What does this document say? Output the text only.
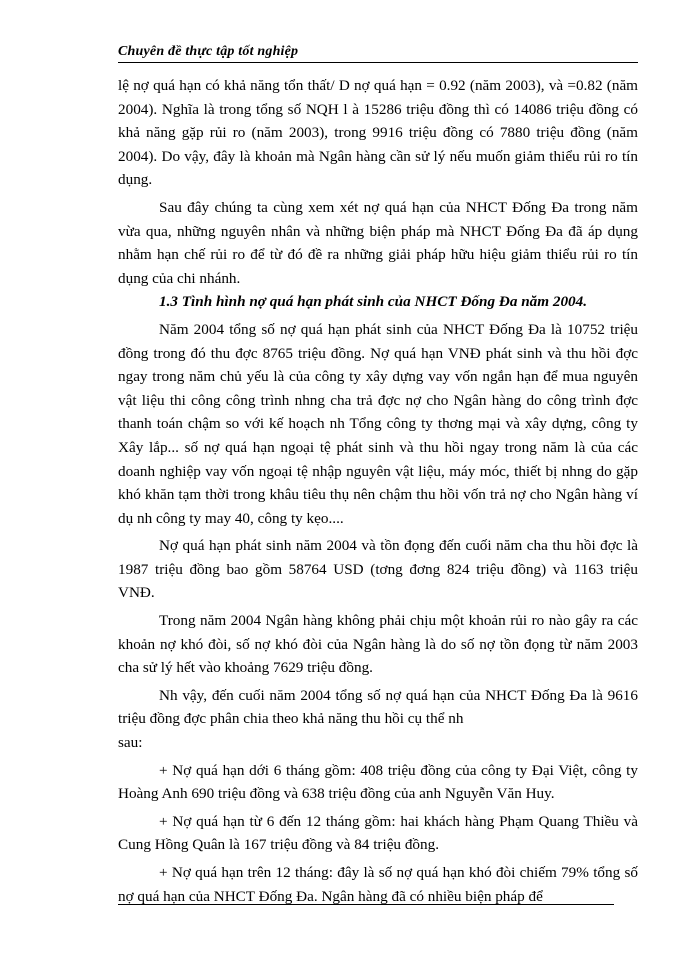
Chuyên đề thực tập tốt nghiệp

lệ nợ quá hạn có khả năng tổn thất/ D nợ quá hạn = 0.92 (năm 2003), và =0.82 (năm 2004). Nghĩa là trong tổng số NQH l à 15286 triệu đồng thì có 14086 triệu đồng có khả năng gặp rủi ro (năm 2003), trong 9916 triệu đồng có 7880 triệu đồng (năm 2004). Do vậy, đây là khoản mà Ngân hàng cần sử lý nếu muốn giảm thiểu rủi ro tín dụng.

Sau đây chúng ta cùng xem xét nợ quá hạn của NHCT Đống Đa trong năm vừa qua, những nguyên nhân và những biện pháp mà NHCT Đống Đa đã áp dụng nhằm hạn chế rủi ro để từ đó đề ra những giải pháp hữu hiệu giảm thiểu rủi ro tín dụng của chi nhánh.

1.3 Tình hình nợ quá hạn phát sinh của NHCT Đống Đa năm 2004.

Năm 2004 tổng số nợ quá hạn phát sinh của NHCT Đống Đa là 10752 triệu đồng trong đó thu đợc 8765 triệu đồng. Nợ quá hạn VNĐ phát sinh và thu hồi đợc ngay trong năm chủ yếu là của công ty xây dựng vay vốn ngắn hạn để mua nguyên vật liệu thi công công trình nhng cha trả đợc nợ cho Ngân hàng do công trình đợc thanh toán chậm so với kế hoạch nh Tổng công ty thơng mại và xây dựng, công ty Xây lắp... số nợ quá hạn ngoại tệ phát sinh và thu hồi ngay trong năm là của các doanh nghiệp vay vốn ngoại tệ nhập nguyên vật liệu, máy móc, thiết bị nhng do gặp khó khăn tạm thời trong khâu tiêu thụ nên chậm thu hồi vốn trả nợ cho Ngân hàng ví dụ nh công ty may 40, công ty kẹo....

Nợ quá hạn phát sinh năm 2004 và tồn đọng đến cuối năm cha thu hồi đợc là 1987 triệu đồng bao gồm 58764 USD (tơng đơng 824 triệu đồng) và 1163 triệu VNĐ.

Trong năm 2004 Ngân hàng không phải chịu một khoản rủi ro nào gây ra các khoản nợ khó đòi, số nợ khó đòi của Ngân hàng là do số nợ tồn đọng từ năm 2003 cha sử lý hết vào khoảng 7629 triệu đồng.

Nh vậy, đến cuối năm 2004 tổng số nợ quá hạn của NHCT Đống Đa là 9616 triệu đồng đợc phân chia theo khả năng thu hồi cụ thể nh

sau:

+ Nợ quá hạn dới 6 tháng gồm: 408 triệu đồng của công ty Đại Việt, công ty Hoàng Anh 690 triệu đồng và 638 triệu đồng của anh Nguyễn Văn Huy.

+ Nợ quá hạn từ 6 đến 12 tháng gồm: hai khách hàng Phạm Quang Thiều và Cung Hồng Quân là 167 triệu đồng và 84 triệu đồng.

+ Nợ quá hạn trên 12 tháng: đây là số nợ quá hạn khó đòi chiếm 79% tổng số nợ quá hạn của NHCT Đống Đa. Ngân hàng đã có nhiều biện pháp để
